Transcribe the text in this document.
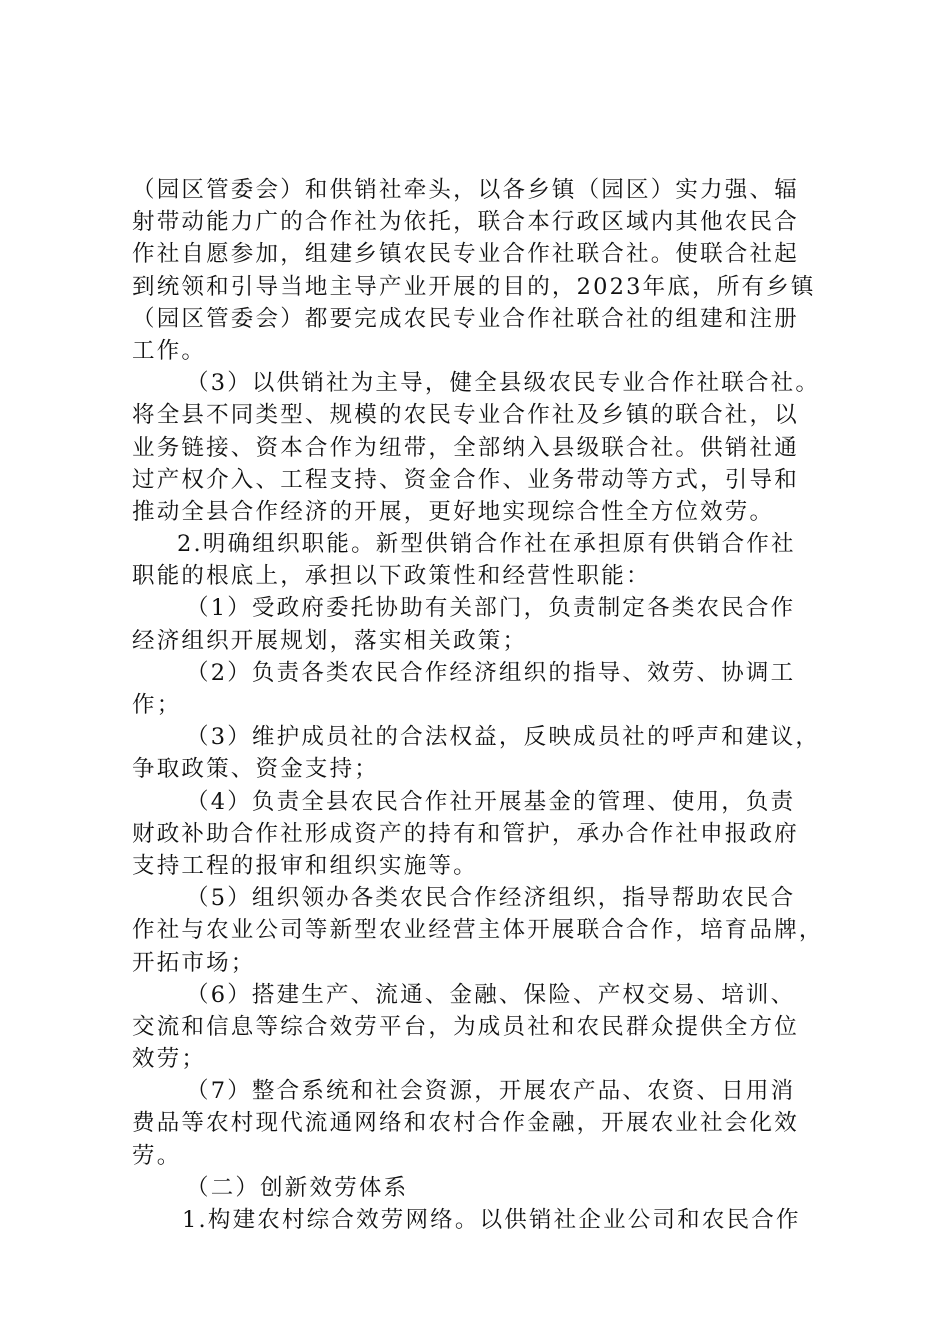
（园区管委会）和供销社牵头，以各乡镇（园区）实力强、辐
射带动能力广的合作社为依托，联合本行政区域内其他农民合
作社自愿参加，组建乡镇农民专业合作社联合社。使联合社起
到统领和引导当地主导产业开展的目的，2023年底，所有乡镇
（园区管委会）都要完成农民专业合作社联合社的组建和注册
工作。
（3）以供销社为主导，健全县级农民专业合作社联合社。
将全县不同类型、规模的农民专业合作社及乡镇的联合社，以
业务链接、资本合作为纽带，全部纳入县级联合社。供销社通
过产权介入、工程支持、资金合作、业务带动等方式，引导和
推动全县合作经济的开展，更好地实现综合性全方位效劳。
2.明确组织职能。新型供销合作社在承担原有供销合作社
职能的根底上，承担以下政策性和经营性职能：
（1）受政府委托协助有关部门，负责制定各类农民合作
经济组织开展规划，落实相关政策；
（2）负责各类农民合作经济组织的指导、效劳、协调工
作；
（3）维护成员社的合法权益，反映成员社的呼声和建议，
争取政策、资金支持；
（4）负责全县农民合作社开展基金的管理、使用，负责
财政补助合作社形成资产的持有和管护，承办合作社申报政府
支持工程的报审和组织实施等。
（5）组织领办各类农民合作经济组织，指导帮助农民合
作社与农业公司等新型农业经营主体开展联合合作，培育品牌，
开拓市场；
（6）搭建生产、流通、金融、保险、产权交易、培训、
交流和信息等综合效劳平台，为成员社和农民群众提供全方位
效劳；
（7）整合系统和社会资源，开展农产品、农资、日用消
费品等农村现代流通网络和农村合作金融，开展农业社会化效
劳。
（二）创新效劳体系
1.构建农村综合效劳网络。以供销社企业公司和农民合作
